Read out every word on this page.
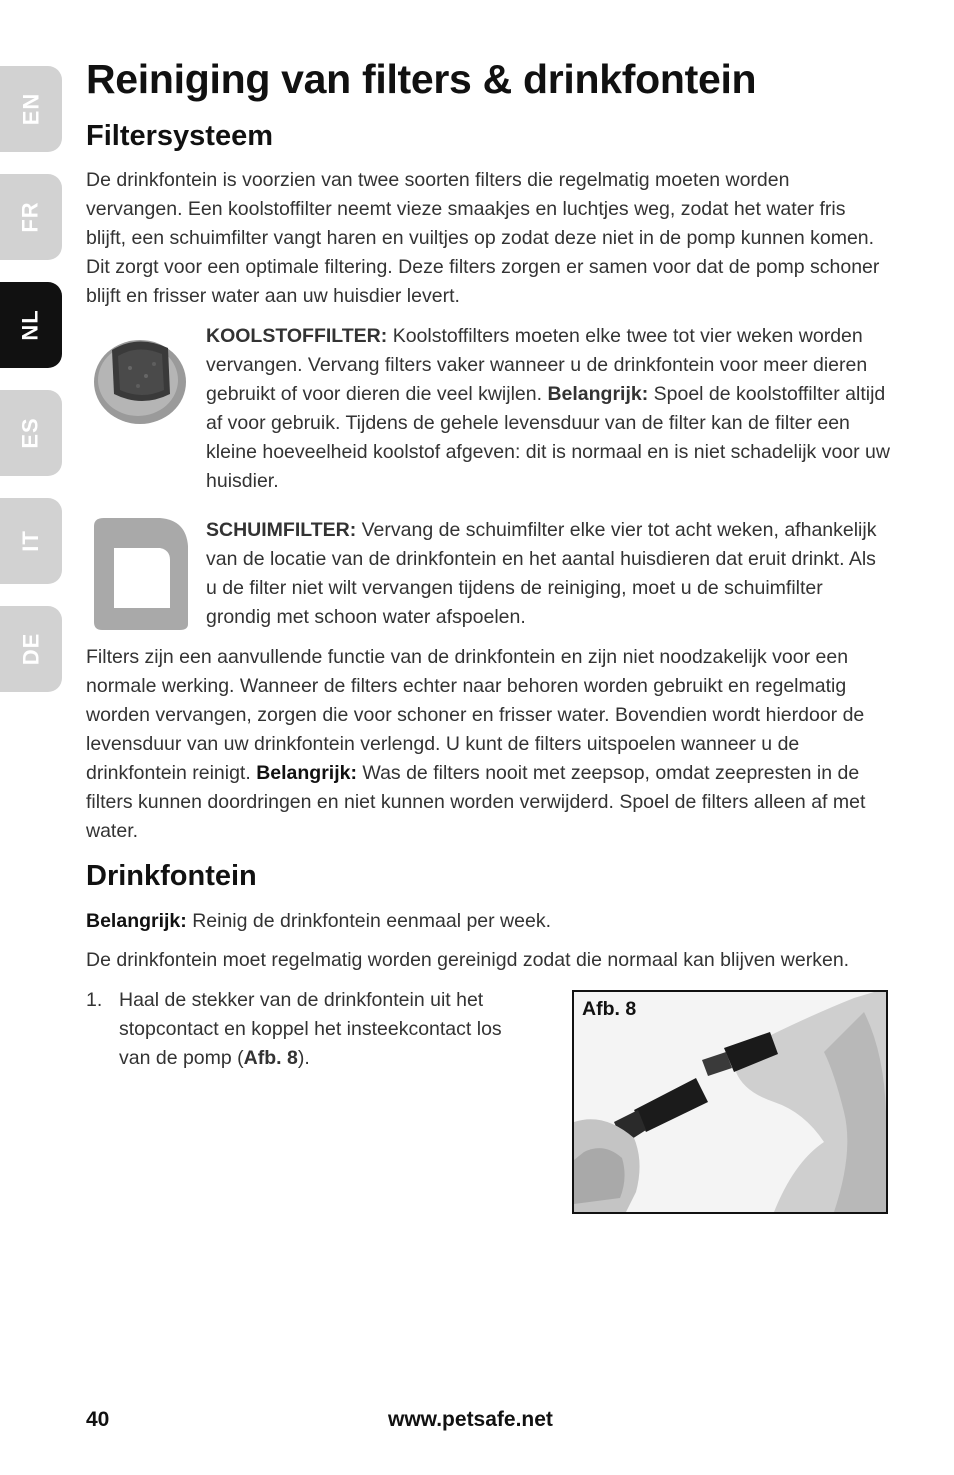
EN
FR
NL
ES
IT
DE
Reiniging van filters & drinkfontein
Filtersysteem

De drinkfontein is voorzien van twee soorten filters die regelmatig moeten worden vervangen. Een koolstoffilter neemt vieze smaakjes en luchtjes weg, zodat het water fris blijft, een schuimfilter vangt haren en vuiltjes op zodat deze niet in de pomp kunnen komen. Dit zorgt voor een optimale filtering. Deze filters zorgen er samen voor dat de pomp schoner blijft en frisser water aan uw huisdier levert.

KOOLSTOFFILTER: Koolstoffilters moeten elke twee tot vier weken worden vervangen. Vervang filters vaker wanneer u de drinkfontein voor meer dieren gebruikt of voor dieren die veel kwijlen. Belangrijk: Spoel de koolstoffilter altijd af voor gebruik. Tijdens de gehele levensduur van de filter kan de filter een kleine hoeveelheid koolstof afgeven: dit is normaal en is niet schadelijk voor uw huisdier.

SCHUIMFILTER: Vervang de schuimfilter elke vier tot acht weken, afhankelijk van de locatie van de drinkfontein en het aantal huisdieren dat eruit drinkt. Als u de filter niet wilt vervangen tijdens de reiniging, moet u de schuimfilter grondig met schoon water afspoelen.

Filters zijn een aanvullende functie van de drinkfontein en zijn niet noodzakelijk voor een normale werking. Wanneer de filters echter naar behoren worden gebruikt en regelmatig worden vervangen, zorgen die voor schoner en frisser water. Bovendien wordt hierdoor de levensduur van uw drinkfontein verlengd. U kunt de filters uitspoelen wanneer u de drinkfontein reinigt. Belangrijk: Was de filters nooit met zeepsop, omdat zeepresten in de filters kunnen doordringen en niet kunnen worden verwijderd. Spoel de filters alleen af met water.

Drinkfontein

Belangrijk: Reinig de drinkfontein eenmaal per week.

De drinkfontein moet regelmatig worden gereinigd zodat die normaal kan blijven werken.

1. Haal de stekker van de drinkfontein uit het stopcontact en koppel het insteekcontact los van de pomp (Afb. 8).

Afb. 8
40	www.petsafe.net
